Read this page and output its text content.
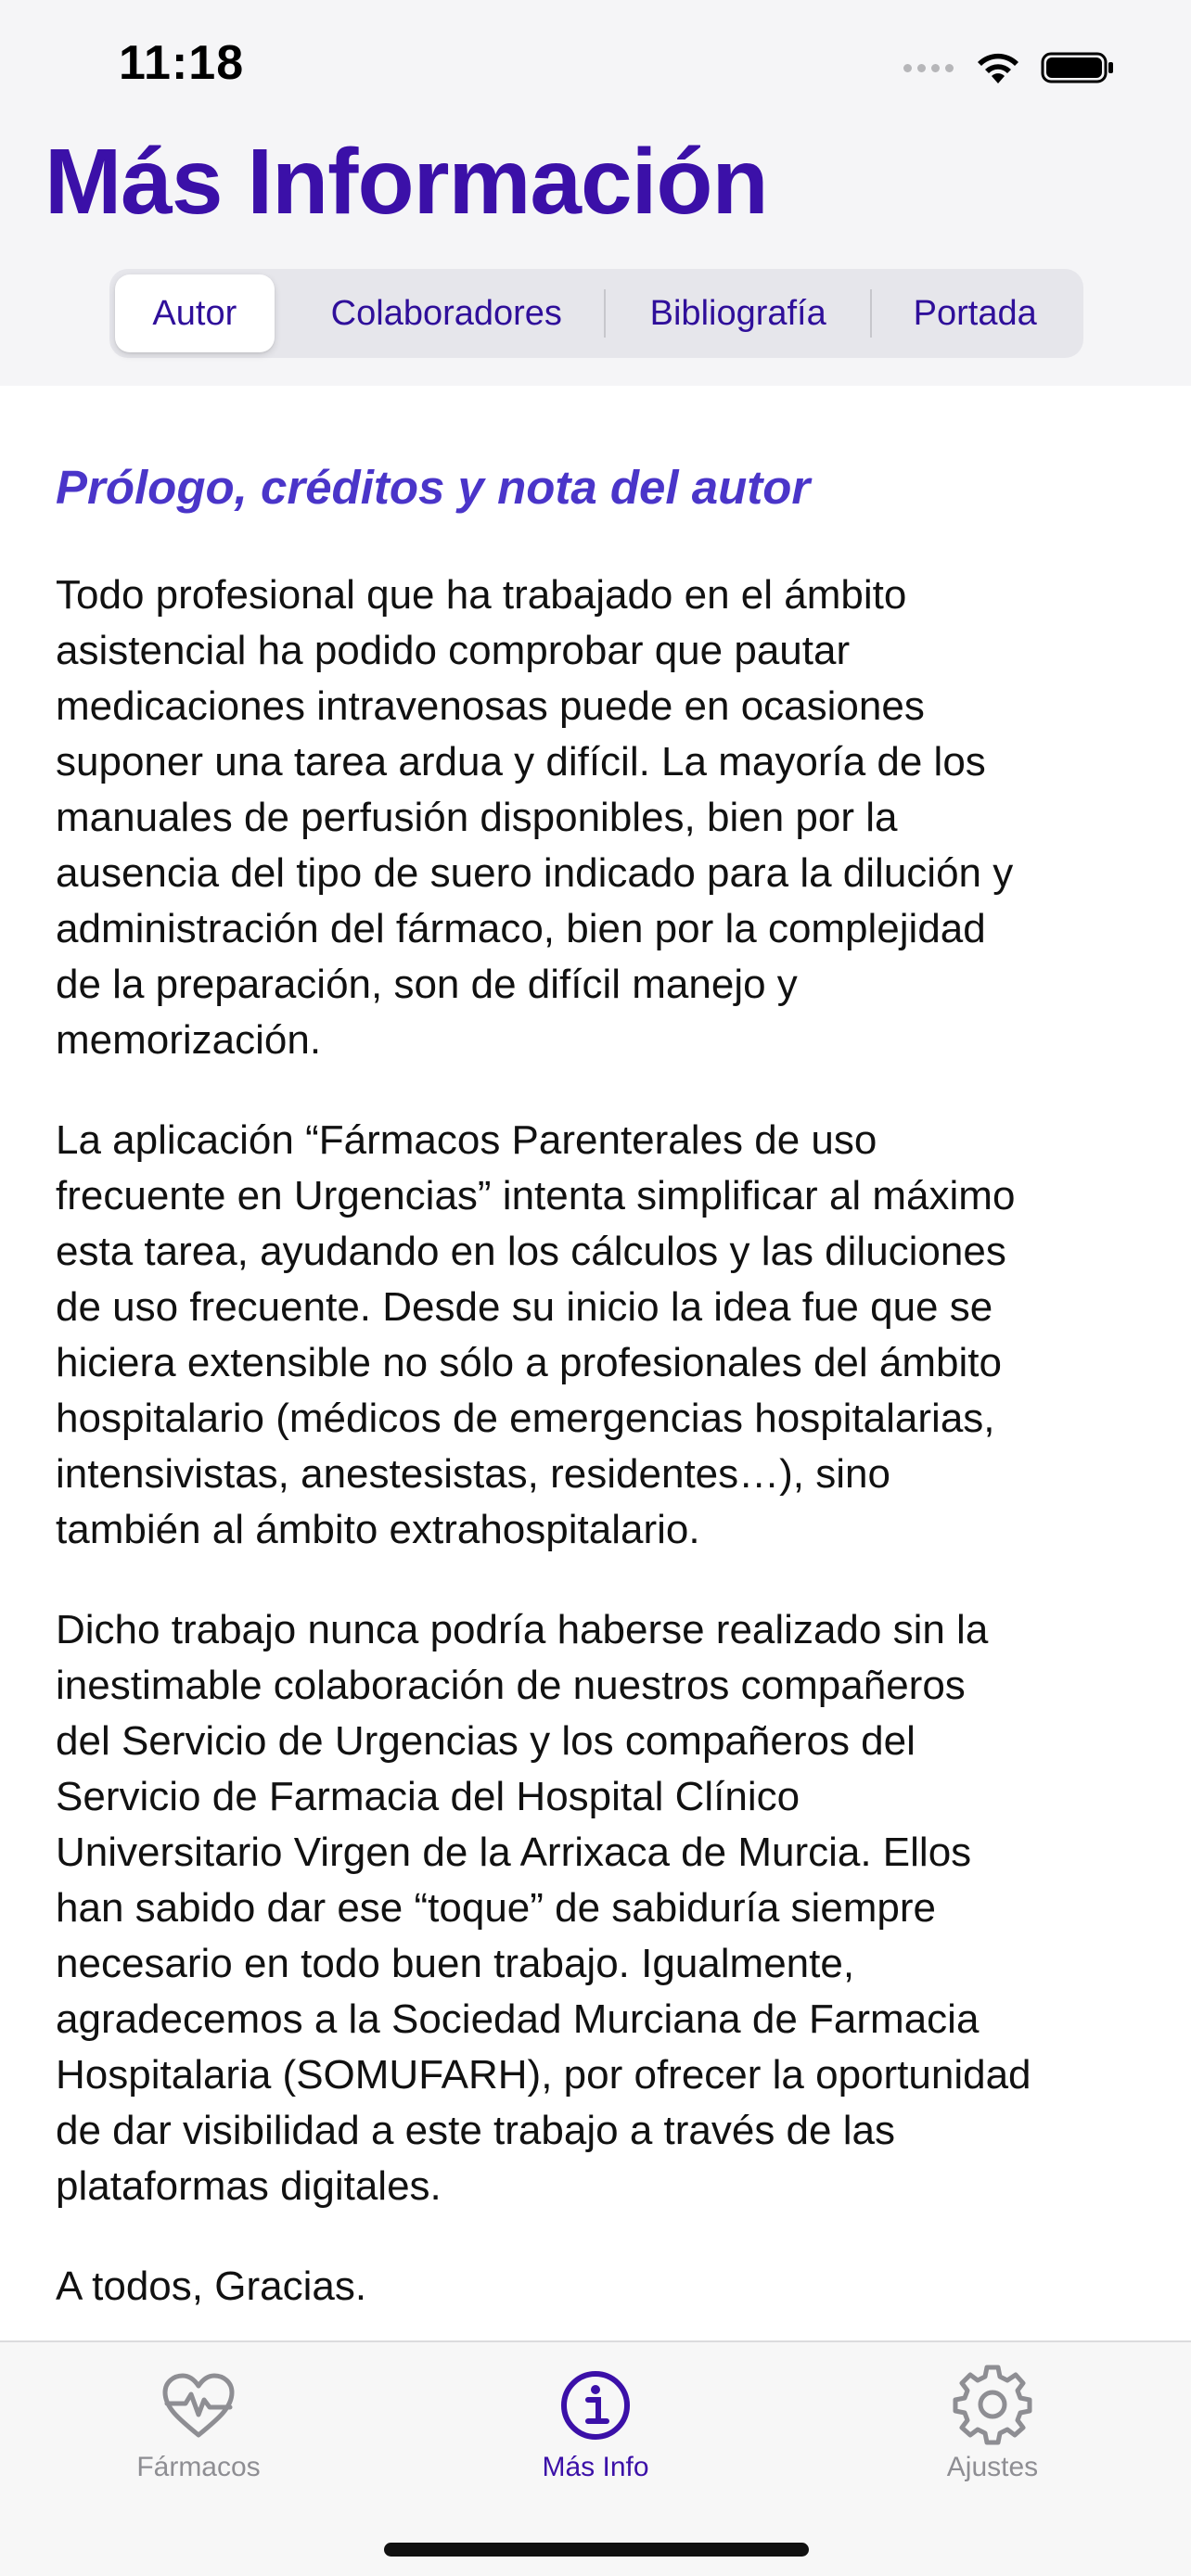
11:18
Más Información
Autor	Colaboradores	Bibliografía	Portada
Prólogo, créditos y nota del autor

Todo profesional que ha trabajado en el ámbito
asistencial ha podido comprobar que pautar
medicaciones intravenosas puede en ocasiones
suponer una tarea ardua y difícil. La mayoría de los
manuales de perfusión disponibles, bien por la
ausencia del tipo de suero indicado para la dilución y
administración del fármaco, bien por la complejidad
de la preparación, son de difícil manejo y
memorización.

La aplicación “Fármacos Parenterales de uso
frecuente en Urgencias” intenta simplificar al máximo
esta tarea, ayudando en los cálculos y las diluciones
de uso frecuente. Desde su inicio la idea fue que se
hiciera extensible no sólo a profesionales del ámbito
hospitalario (médicos de emergencias hospitalarias,
intensivistas, anestesistas, residentes…), sino
también al ámbito extrahospitalario.

Dicho trabajo nunca podría haberse realizado sin la
inestimable colaboración de nuestros compañeros
del Servicio de Urgencias y los compañeros del
Servicio de Farmacia del Hospital Clínico
Universitario Virgen de la Arrixaca de Murcia. Ellos
han sabido dar ese “toque” de sabiduría siempre
necesario en todo buen trabajo. Igualmente,
agradecemos a la Sociedad Murciana de Farmacia
Hospitalaria (SOMUFARH), por ofrecer la oportunidad
de dar visibilidad a este trabajo a través de las
plataformas digitales.

A todos, Gracias.

Fármacos	Más Info	Ajustes
